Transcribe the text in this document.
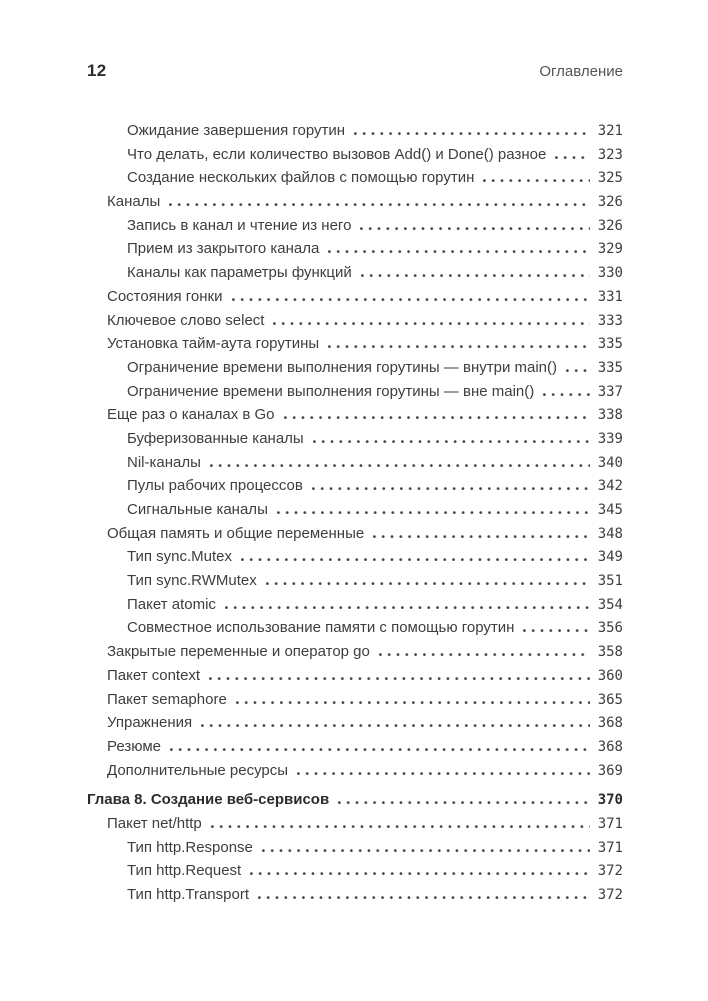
12	Оглавление
Ожидание завершения горутин	321
Что делать, если количество вызовов Add() и Done() разное	323
Создание нескольких файлов с помощью горутин	325
Каналы	326
Запись в канал и чтение из него	326
Прием из закрытого канала	329
Каналы как параметры функций	330
Состояния гонки	331
Ключевое слово select	333
Установка тайм-аута горутины	335
Ограничение времени выполнения горутины — внутри main()	335
Ограничение времени выполнения горутины — вне main()	337
Еще раз о каналах в Go	338
Буферизованные каналы	339
Nil-каналы	340
Пулы рабочих процессов	342
Сигнальные каналы	345
Общая память и общие переменные	348
Тип sync.Mutex	349
Тип sync.RWMutex	351
Пакет atomic	354
Совместное использование памяти с помощью горутин	356
Закрытые переменные и оператор go	358
Пакет context	360
Пакет semaphore	365
Упражнения	368
Резюме	368
Дополнительные ресурсы	369
Глава 8. Создание веб-сервисов	370
Пакет net/http	371
Тип http.Response	371
Тип http.Request	372
Тип http.Transport	372
